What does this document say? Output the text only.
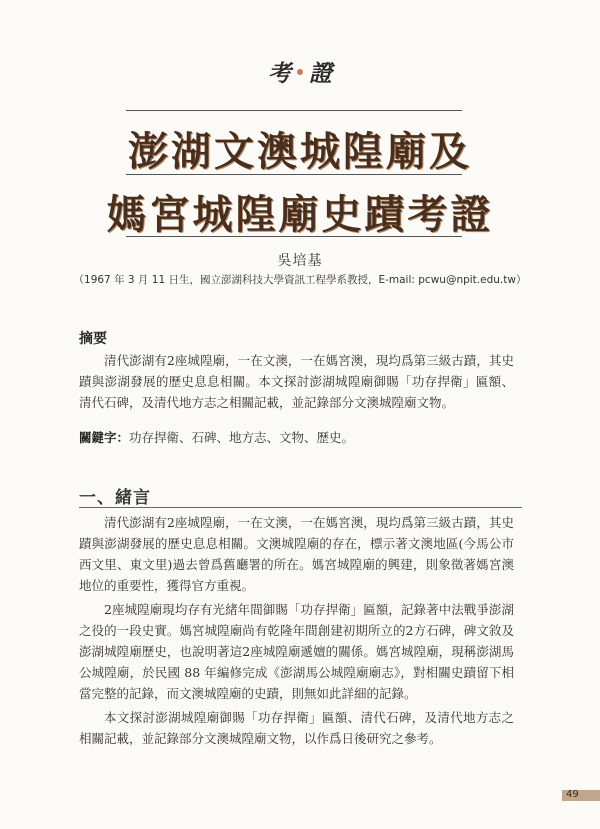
考 證
澎湖文澳城隍廟及
媽宮城隍廟史蹟考證
吳培基
（1967 年 3 月 11 日生，國立澎湖科技大學資訊工程學系教授，E-mail: pcwu@npit.edu.tw）
摘要

清代澎湖有2座城隍廟，一在文澳，一在媽宮澳，現均爲第三級古蹟，其史蹟與澎湖發展的歷史息息相關。本文探討澎湖城隍廟御賜「功存捍衛」匾額、清代石碑，及清代地方志之相關記載，並記錄部分文澳城隍廟文物。

關鍵字：功存捍衛、石碑、地方志、文物、歷史。
一、緒言

清代澎湖有2座城隍廟，一在文澳，一在媽宮澳，現均爲第三級古蹟，其史蹟與澎湖發展的歷史息息相關。文澳城隍廟的存在，標示著文澳地區(今馬公市西文里、東文里)過去曾爲舊廳署的所在。媽宮城隍廟的興建，則象徵著媽宮澳地位的重要性，獲得官方重視。

2座城隍廟現均存有光緒年間御賜「功存捍衛」匾額，記錄著中法戰爭澎湖之役的一段史實。媽宮城隍廟尚有乾隆年間創建初期所立的2方石碑，碑文敘及澎湖城隍廟歷史，也說明著這2座城隍廟遞嬗的關係。媽宮城隍廟，現稱澎湖馬公城隍廟，於民國 88 年編修完成《澎湖馬公城隍廟廟志》，對相關史蹟留下相當完整的記錄，而文澳城隍廟的史蹟，則無如此詳細的記錄。

本文探討澎湖城隍廟御賜「功存捍衛」匾額、清代石碑，及清代地方志之相關記載，並記錄部分文澳城隍廟文物，以作爲日後研究之參考。

49
